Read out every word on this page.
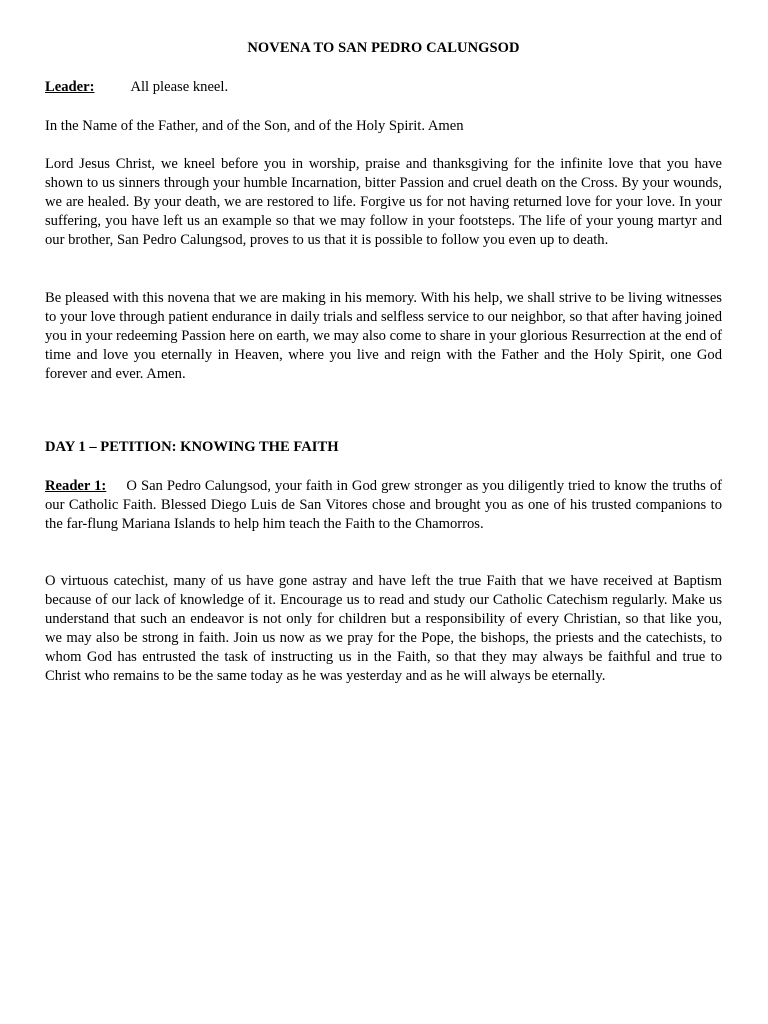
NOVENA TO SAN PEDRO CALUNGSOD
Leader: All please kneel.
In the Name of the Father, and of the Son, and of the Holy Spirit. Amen
Lord Jesus Christ, we kneel before you in worship, praise and thanksgiving for the infinite love that you have shown to us sinners through your humble Incarnation, bitter Passion and cruel death on the Cross. By your wounds, we are healed. By your death, we are restored to life. Forgive us for not having returned love for your love. In your suffering, you have left us an example so that we may follow in your footsteps. The life of your young martyr and our brother, San Pedro Calungsod, proves to us that it is possible to follow you even up to death.
Be pleased with this novena that we are making in his memory. With his help, we shall strive to be living witnesses to your love through patient endurance in daily trials and selfless service to our neighbor, so that after having joined you in your redeeming Passion here on earth, we may also come to share in your glorious Resurrection at the end of time and love you eternally in Heaven, where you live and reign with the Father and the Holy Spirit, one God forever and ever. Amen.
DAY 1 – PETITION: KNOWING THE FAITH
Reader 1: O San Pedro Calungsod, your faith in God grew stronger as you diligently tried to know the truths of our Catholic Faith. Blessed Diego Luis de San Vitores chose and brought you as one of his trusted companions to the far-flung Mariana Islands to help him teach the Faith to the Chamorros.
O virtuous catechist, many of us have gone astray and have left the true Faith that we have received at Baptism because of our lack of knowledge of it. Encourage us to read and study our Catholic Catechism regularly. Make us understand that such an endeavor is not only for children but a responsibility of every Christian, so that like you, we may also be strong in faith. Join us now as we pray for the Pope, the bishops, the priests and the catechists, to whom God has entrusted the task of instructing us in the Faith, so that they may always be faithful and true to Christ who remains to be the same today as he was yesterday and as he will always be eternally.
